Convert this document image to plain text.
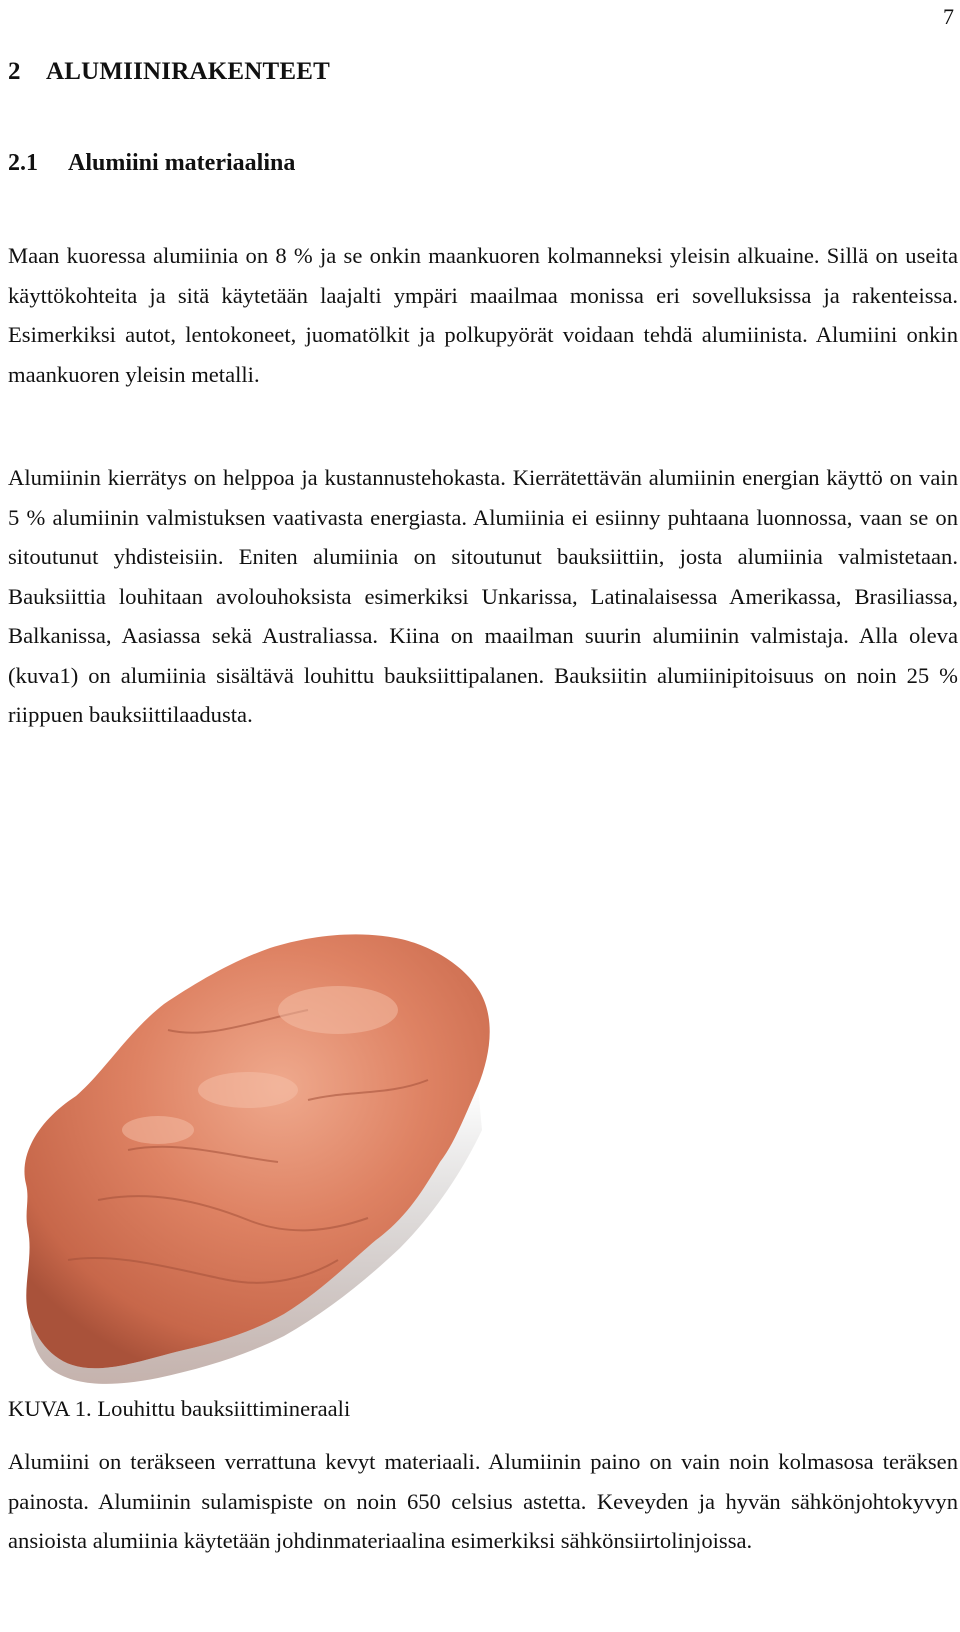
7
2 ALUMIINIRAKENTEET
2.1 Alumiini materiaalina

Maan kuoressa alumiinia on 8 % ja se onkin maankuoren kolmanneksi yleisin alkuaine. Sillä on useita käyttökohteita ja sitä käytetään laajalti ympäri maailmaa monissa eri sovelluksissa ja rakenteissa. Esimerkiksi autot, lentokoneet, juomatölkit ja polkupyörät voidaan tehdä alumiinista. Alumiini onkin maankuoren yleisin metalli.

Alumiinin kierrätys on helppoa ja kustannustehokasta. Kierrätettävän alumiinin energian käyttö on vain 5 % alumiinin valmistuksen vaativasta energiasta. Alumiinia ei esiinny puhtaana luonnossa, vaan se on sitoutunut yhdisteisiin. Eniten alumiinia on sitoutunut bauksiittiin, josta alumiinia valmistetaan. Bauksiittia louhitaan avolouhoksista esimerkiksi Unkarissa, Latinalaisessa Amerikassa, Brasiliassa, Balkanissa, Aasiassa sekä Australiassa. Kiina on maailman suurin alumiinin valmistaja. Alla oleva (kuva1) on alumiinia sisältävä louhittu bauksiittipalanen. Bauksiitin alumiinipitoisuus on noin 25 % riippuen bauksiittilaadusta.

KUVA 1. Louhittu bauksiittimineraali

Alumiini on teräkseen verrattuna kevyt materiaali. Alumiinin paino on vain noin kolmasosa teräksen painosta. Alumiinin sulamispiste on noin 650 celsius astetta. Keveyden ja hyvän sähkönjohtokyvyn ansioista alumiinia käytetään johdinmateriaalina esimerkiksi sähkönsiirtolinjoissa.
